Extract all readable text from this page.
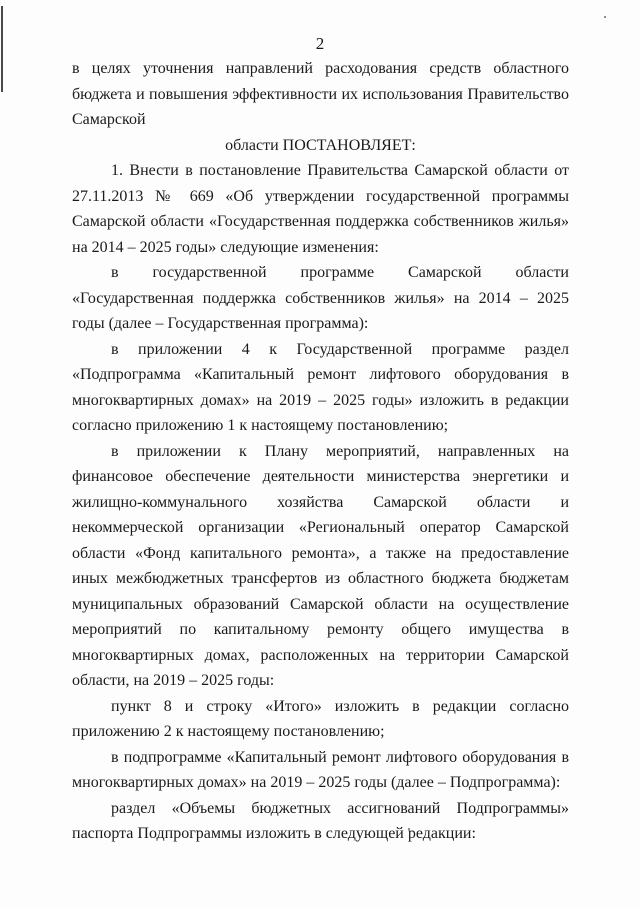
2

в целях уточнения направлений расходования средств областного бюджета и повышения эффективности их использования Правительство Самарской

области ПОСТАНОВЛЯЕТ:

1. Внести в постановление Правительства Самарской области от 27.11.2013 № 669 «Об утверждении государственной программы Самарской области «Государственная поддержка собственников жилья» на 2014 – 2025 годы» следующие изменения:

в государственной программе Самарской области «Государственная поддержка собственников жилья» на 2014 – 2025 годы (далее – Государственная программа):

в приложении 4 к Государственной программе раздел «Подпрограмма «Капитальный ремонт лифтового оборудования в многоквартирных домах» на 2019 – 2025 годы» изложить в редакции согласно приложению 1 к настоящему постановлению;

в приложении к Плану мероприятий, направленных на финансовое обеспечение деятельности министерства энергетики и жилищно-коммунального хозяйства Самарской области и некоммерческой организации «Региональный оператор Самарской области «Фонд капитального ремонта», а также на предоставление иных межбюджетных трансфертов из областного бюджета бюджетам муниципальных образований Самарской области на осуществление мероприятий по капитальному ремонту общего имущества в многоквартирных домах, расположенных на территории Самарской области, на 2019 – 2025 годы:

пункт 8 и строку «Итого» изложить в редакции согласно приложению 2 к настоящему постановлению;

в подпрограмме «Капитальный ремонт лифтового оборудования в многоквартирных домах» на 2019 – 2025 годы (далее – Подпрограмма):

раздел «Объемы бюджетных ассигнований Подпрограммы» паспорта Подпрограммы изложить в следующей редакции:
